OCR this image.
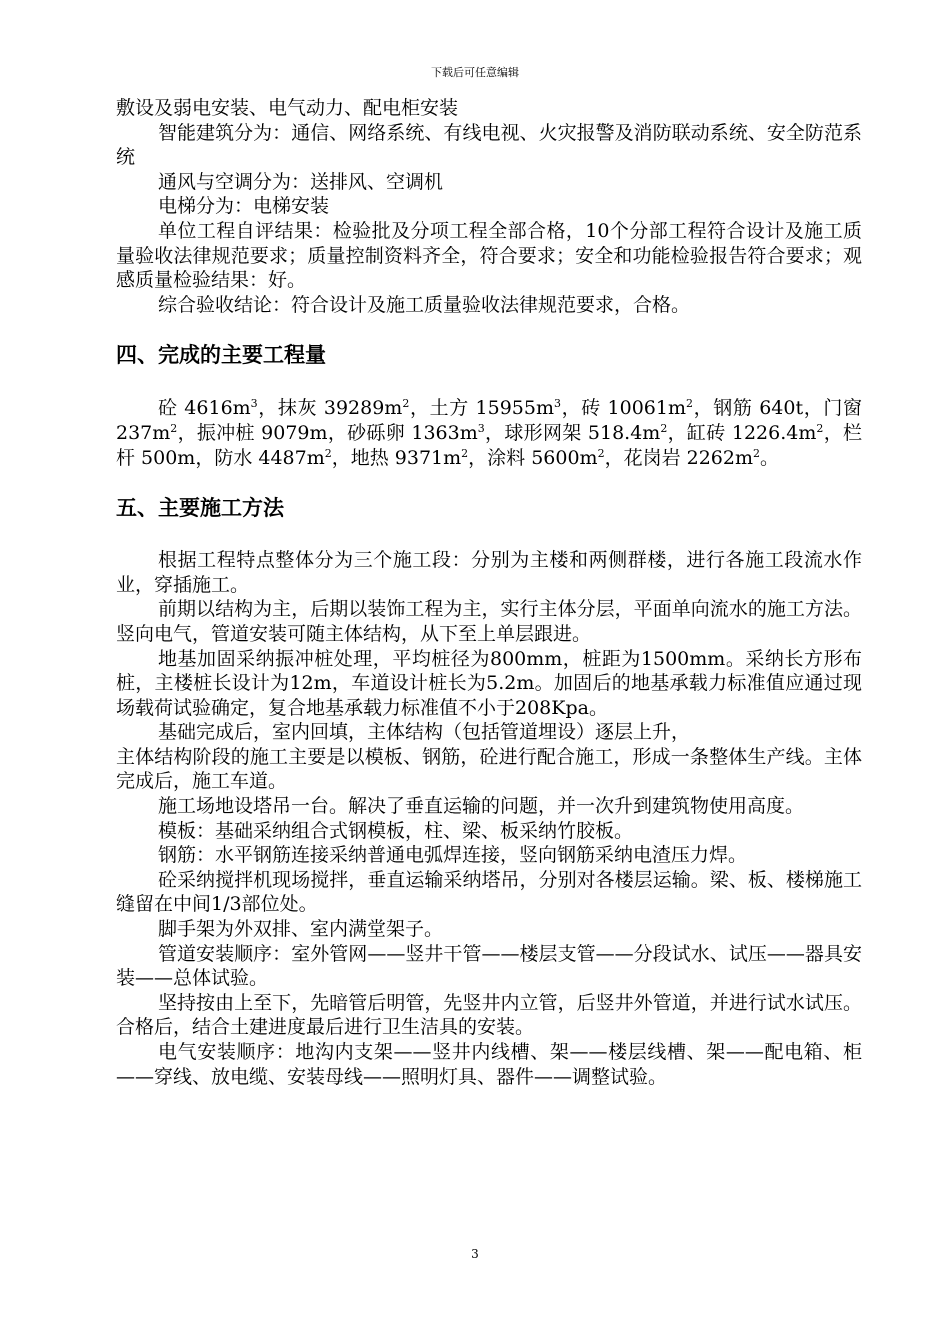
下载后可任意编辑

敷设及弱电安装、电气动力、配电柜安装

智能建筑分为：通信、网络系统、有线电视、火灾报警及消防联动系统、安全防范系统

通风与空调分为：送排风、空调机

电梯分为：电梯安装

单位工程自评结果：检验批及分项工程全部合格，10个分部工程符合设计及施工质量验收法律规范要求；质量控制资料齐全，符合要求；安全和功能检验报告符合要求；观感质量检验结果：好。

综合验收结论：符合设计及施工质量验收法律规范要求，合格。

四、完成的主要工程量

砼 $4616m^3$，抹灰 $39289m^2$，土方 $15955m^3$，砖 $10061m^2$，钢筋 640t，门窗 $237m^2$，振冲桩 9079m，砂砾卵 $1363m^3$，球形网架 $518.4m^2$，缸砖 $1226.4m^2$，栏杆 500m，防水 $4487m^2$，地热 $9371m^2$，涂料 $5600m^2$，花岗岩 $2262m^2$。

五、主要施工方法

根据工程特点整体分为三个施工段：分别为主楼和两侧群楼，进行各施工段流水作业，穿插施工。

前期以结构为主，后期以装饰工程为主，实行主体分层，平面单向流水的施工方法。竖向电气，管道安装可随主体结构，从下至上单层跟进。

地基加固采纳振冲桩处理，平均桩径为800mm，桩距为1500mm。采纳长方形布桩，主楼桩长设计为12m，车道设计桩长为5.2m。加固后的地基承载力标准值应通过现场载荷试验确定，复合地基承载力标准值不小于208Kpa。

基础完成后，室内回填，主体结构（包括管道埋设）逐层上升，

主体结构阶段的施工主要是以模板、钢筋，砼进行配合施工，形成一条整体生产线。主体完成后，施工车道。

施工场地设塔吊一台。解决了垂直运输的问题，并一次升到建筑物使用高度。

模板：基础采纳组合式钢模板，柱、梁、板采纳竹胶板。

钢筋：水平钢筋连接采纳普通电弧焊连接，竖向钢筋采纳电渣压力焊。

砼采纳搅拌机现场搅拌，垂直运输采纳塔吊，分别对各楼层运输。梁、板、楼梯施工缝留在中间1/3部位处。

脚手架为外双排、室内满堂架子。

管道安装顺序：室外管网——竖井干管——楼层支管——分段试水、试压——器具安装——总体试验。

坚持按由上至下，先暗管后明管，先竖井内立管，后竖井外管道，并进行试水试压。合格后，结合土建进度最后进行卫生洁具的安装。

电气安装顺序：地沟内支架——竖井内线槽、架——楼层线槽、架——配电箱、柜——穿线、放电缆、安装母线——照明灯具、器件——调整试验。

3
